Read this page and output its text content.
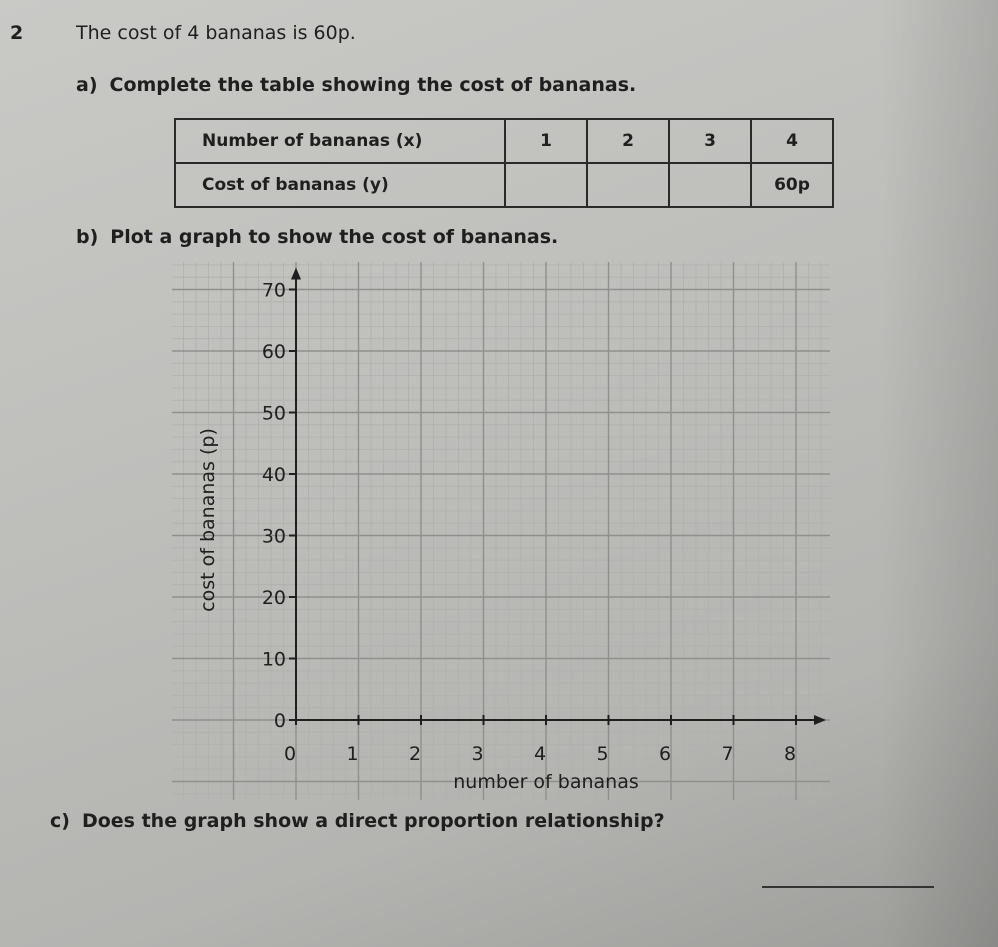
2	The cost of 4 bananas is 60p.
a) Complete the table showing the cost of bananas.
Number of bananas (x)	1	2	3	4
Cost of bananas (y)				60p
b) Plot a graph to show the cost of bananas.
0	1	2	3	4	5	6	7	8
0
10
20
30
40
50
60
70
number of bananas
cost of bananas (p)
c) Does the graph show a direct proportion relationship?
